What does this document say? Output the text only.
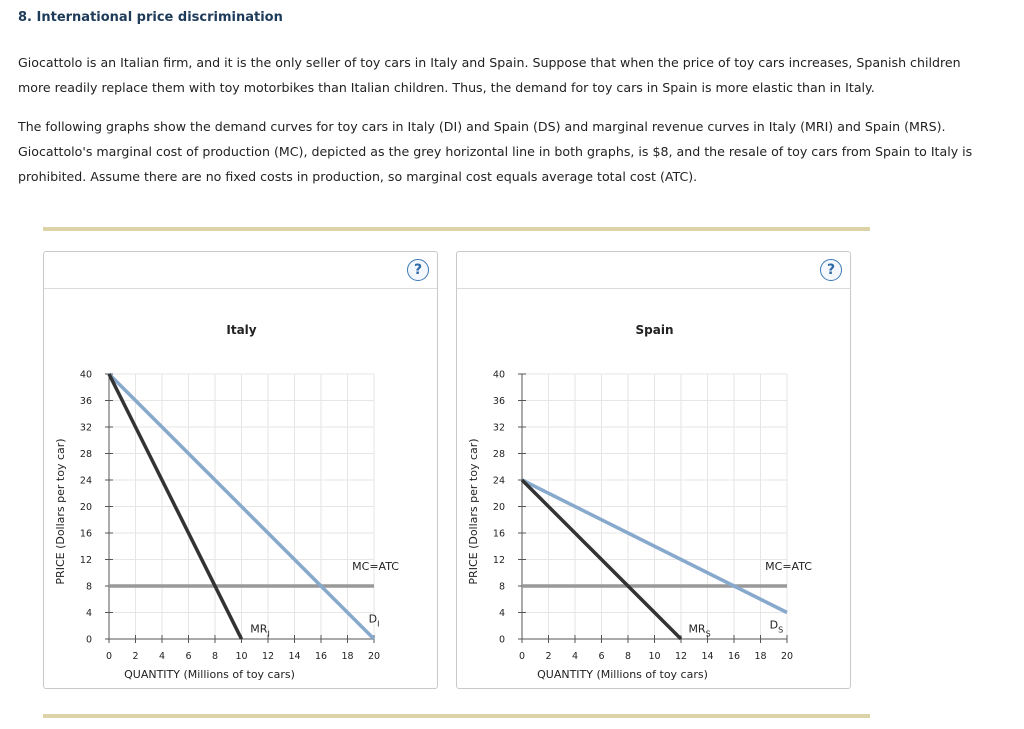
8. International price discrimination

Giocattolo is an Italian firm, and it is the only seller of toy cars in Italy and Spain. Suppose that when the price of toy cars increases, Spanish children more readily replace them with toy motorbikes than Italian children. Thus, the demand for toy cars in Spain is more elastic than in Italy.

The following graphs show the demand curves for toy cars in Italy (DI) and Spain (DS) and marginal revenue curves in Italy (MRI) and Spain (MRS). Giocattolo's marginal cost of production (MC), depicted as the grey horizontal line in both graphs, is $8, and the resale of toy cars from Spain to Italy is prohibited. Assume there are no fixed costs in production, so marginal cost equals average total cost (ATC).

?
Italy
0
4
8
12
16
20
24
28
32
36
40
0 2 4 6 8 10 12 14 16 18 20
QUANTITY (Millions of toy cars)
PRICE (Dollars per toy car)
$D_I$
$MR_I$
MC=ATC
?
Spain
0
4
8
12
16
20
24
28
32
36
40
0 2 4 6 8 10 12 14 16 18 20
QUANTITY (Millions of toy cars)
PRICE (Dollars per toy car)
$D_S$
$MR_S$
MC=ATC
